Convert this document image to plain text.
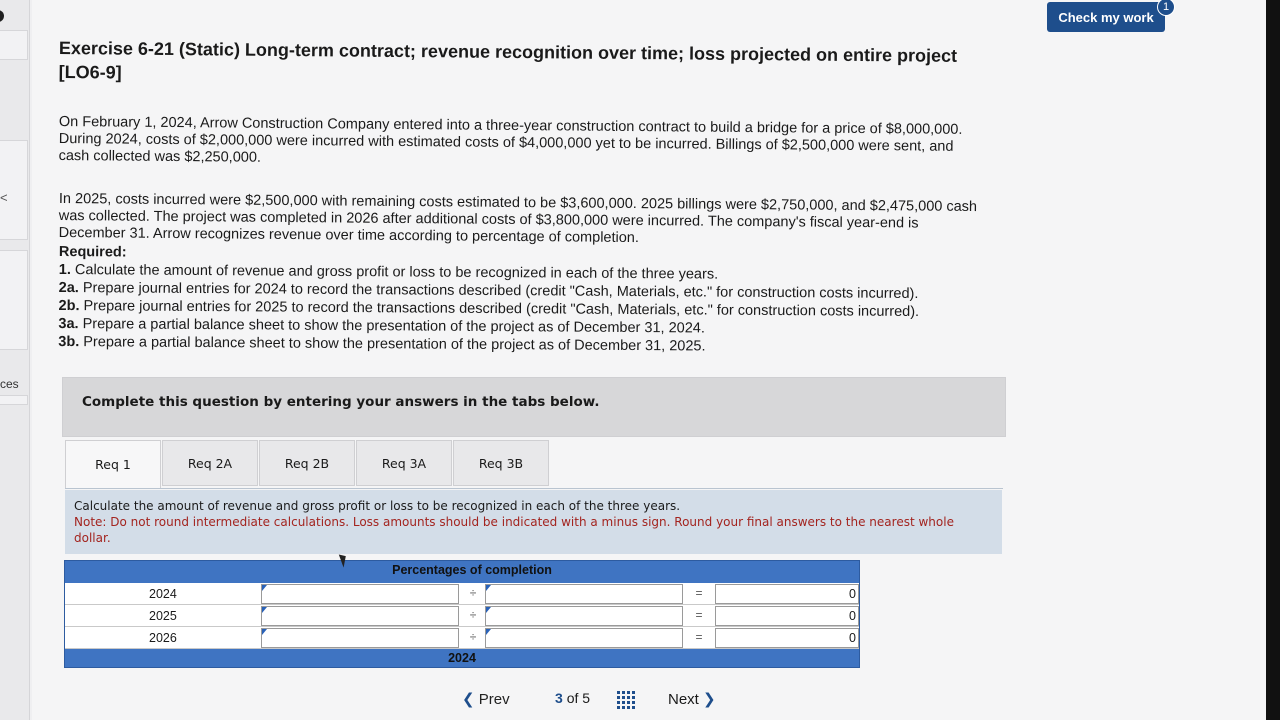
<
ces
Check my work
1
Exercise 6-21 (Static) Long-term contract; revenue recognition over time; loss projected on entire project [LO6-9]
On February 1, 2024, Arrow Construction Company entered into a three-year construction contract to build a bridge for a price of $8,000,000. During 2024, costs of $2,000,000 were incurred with estimated costs of $4,000,000 yet to be incurred. Billings of $2,500,000 were sent, and cash collected was $2,250,000.
In 2025, costs incurred were $2,500,000 with remaining costs estimated to be $3,600,000. 2025 billings were $2,750,000, and $2,475,000 cash was collected. The project was completed in 2026 after additional costs of $3,800,000 were incurred. The company's fiscal year-end is December 31. Arrow recognizes revenue over time according to percentage of completion.
Required:
1. Calculate the amount of revenue and gross profit or loss to be recognized in each of the three years.
2a. Prepare journal entries for 2024 to record the transactions described (credit "Cash, Materials, etc." for construction costs incurred).
2b. Prepare journal entries for 2025 to record the transactions described (credit "Cash, Materials, etc." for construction costs incurred).
3a. Prepare a partial balance sheet to show the presentation of the project as of December 31, 2024.
3b. Prepare a partial balance sheet to show the presentation of the project as of December 31, 2025.
Complete this question by entering your answers in the tabs below.
Req 1	Req 2A	Req 2B	Req 3A	Req 3B
Calculate the amount of revenue and gross profit or loss to be recognized in each of the three years.
Note: Do not round intermediate calculations. Loss amounts should be indicated with a minus sign. Round your final answers to the nearest whole dollar.
Percentages of completion
2024	÷	=	0
2025	÷	=	0
2026	÷	=	0
2024
❮ Prev	3 of 5	Next ❯
